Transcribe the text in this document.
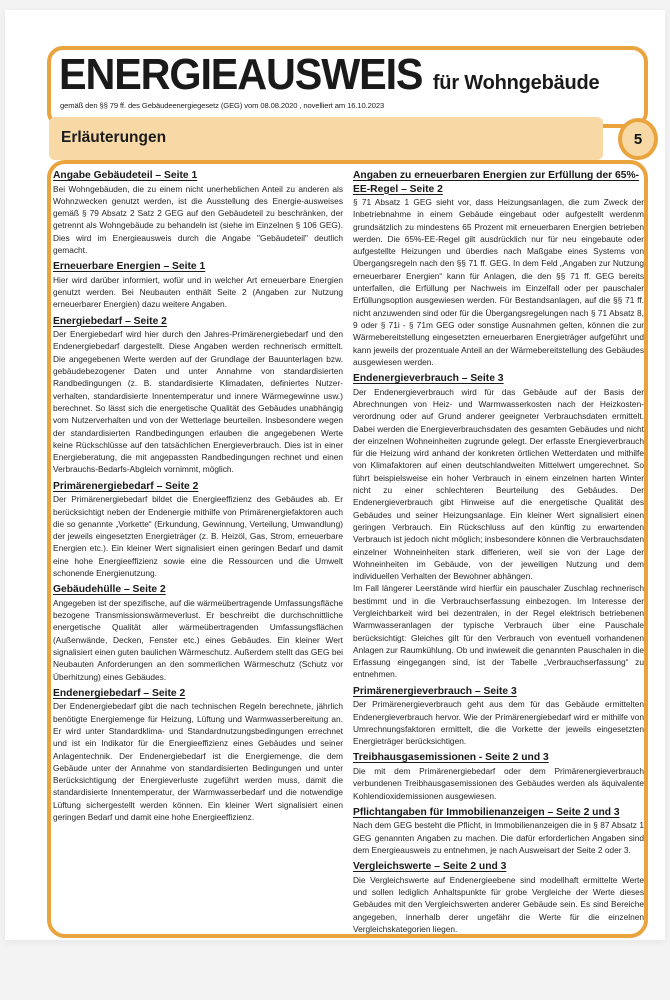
ENERGIEAUSWEIS für Wohngebäude
gemäß den §§ 79 ff. des Gebäudeenergiegesetz (GEG) vom 08.08.2020 , novelliert am 16.10.2023
Erläuterungen	5
Angabe Gebäudeteil – Seite 1

Bei Wohngebäuden, die zu einem nicht unerheblichen Anteil zu anderen als Wohnzwecken genutzt werden, ist die Ausstellung des Energie-ausweises gemäß § 79 Absatz 2 Satz 2 GEG auf den Gebäudeteil zu beschränken, der getrennt als Wohngebäude zu behandeln ist (siehe im Einzelnen § 106 GEG). Dies wird im Energieausweis durch die Angabe "Gebäudeteil" deutlich gemacht.

Erneuerbare Energien – Seite 1

Hier wird darüber informiert, wofür und in welcher Art erneuerbare Energien genutzt werden. Bei Neubauten enthält Seite 2 (Angaben zur Nutzung erneuerbarer Energien) dazu weitere Angaben.

Energiebedarf – Seite 2

Der Energiebedarf wird hier durch den Jahres-Primärenergiebedarf und den Endenergiebedarf dargestellt. Diese Angaben werden rechnerisch ermittelt. Die angegebenen Werte werden auf der Grundlage der Bauunterlagen bzw. gebäudebezogener Daten und unter Annahme von standardisierten Randbedingungen (z. B. standardisierte Klimadaten, definiertes Nutzer-verhalten, standardisierte Innentemperatur und innere Wärmegewinne usw.) berechnet. So lässt sich die energetische Qualität des Gebäudes unabhängig vom Nutzerverhalten und von der Wetterlage beurteilen. Insbesondere wegen der standardisierten Randbedingungen erlauben die angegebenen Werte keine Rückschlüsse auf den tatsächlichen Energieverbrauch. Dies ist in einer Energieberatung, die mit angepassten Randbedingungen rechnet und einen Verbrauchs-Bedarfs-Abgleich vornimmt, möglich.

Primärenergiebedarf – Seite 2

Der Primärenergiebedarf bildet die Energieeffizienz des Gebäudes ab. Er berücksichtigt neben der Endenergie mithilfe von Primärenergiefaktoren auch die so genannte „Vorkette“ (Erkundung, Gewinnung, Verteilung, Umwandlung) der jeweils eingesetzten Energieträger (z. B. Heizöl, Gas, Strom, erneuerbare Energien etc.). Ein kleiner Wert signalisiert einen geringen Bedarf und damit eine hohe Energieeffizienz sowie eine die Ressourcen und die Umwelt schonende Energienutzung.

Gebäudehülle – Seite 2

Angegeben ist der spezifische, auf die wärmeübertragende Umfassungsfläche bezogene Transmissionswärmeverlust. Er beschreibt die durchschnittliche energetische Qualität aller wärmeübertragenden Umfassungsflächen (Außenwände, Decken, Fenster etc.) eines Gebäudes. Ein kleiner Wert signalisiert einen guten baulichen Wärmeschutz. Außerdem stellt das GEG bei Neubauten Anforderungen an den sommerlichen Wärmeschutz (Schutz vor Überhitzung) eines Gebäudes.

Endenergiebedarf – Seite 2

Der Endenergiebedarf gibt die nach technischen Regeln berechnete, jährlich benötigte Energiemenge für Heizung, Lüftung und Warmwasserbereitung an. Er wird unter Standardklima- und Standardnutzungsbedingungen errechnet und ist ein Indikator für die Energieeffizienz eines Gebäudes und seiner Anlagentechnik. Der Endenergiebedarf ist die Energiemenge, die dem Gebäude unter der Annahme von standardisierten Bedingungen und unter Berücksichtigung der Energieverluste zugeführt werden muss, damit die standardisierte Innentemperatur, der Warmwasserbedarf und die notwendige Lüftung sichergestellt werden können. Ein kleiner Wert signalisiert einen geringen Bedarf und damit eine hohe Energieeffizienz.

Angaben zu erneuerbaren Energien zur Erfüllung der 65%-EE-Regel – Seite 2

§ 71 Absatz 1 GEG sieht vor, dass Heizungsanlagen, die zum Zweck der Inbetriebnahme in einem Gebäude eingebaut oder aufgestellt werdenm grundsätzlich zu mindestens 65 Prozent mit erneuerbaren Energien betrieben werden. Die 65%-EE-Regel gilt ausdrücklich nur für neu eingebaute oder aufgestellte Heizungen und überdies nach Maßgabe eines Systems von Übergangsregeln nach den §§ 71 ff. GEG. In dem Feld „Angaben zur Nutzung erneuerbarer Energien“ kann für Anlagen, die den §§ 71 ff. GEG bereits unterfallen, die Erfüllung per Nachweis im Einzelfall oder per pauschaler Erfüllungsoption ausgewiesen werden. Für Bestandsanlagen, auf die §§ 71 ff. nicht anzuwenden sind oder für die Übergangsregelungen nach § 71 Absatz 8, 9 oder § 71i - § 71m GEG oder sonstige Ausnahmen gelten, können die zur Wärmebereitstellung eingesetzten erneuerbaren Energieträger aufgeführt und kann jeweils der prozentuale Anteil an der Wärmebereitstellung des Gebäudes ausgewiesen werden.

Endenergieverbrauch – Seite 3

Der Endenergieverbrauch wird für das Gebäude auf der Basis der Abrechnungen von Heiz- und Warmwasserkosten nach der Heizkosten-verordnung oder auf Grund anderer geeigneter Verbrauchsdaten ermittelt. Dabei werden die Energieverbrauchsdaten des gesamten Gebäudes und nicht der einzelnen Wohneinheiten zugrunde gelegt. Der erfasste Energieverbrauch für die Heizung wird anhand der konkreten örtlichen Wetterdaten und mithilfe von Klimafaktoren auf einen deutschlandweiten Mittelwert umgerechnet. So führt beispielsweise ein hoher Verbrauch in einem einzelnen harten Winter nicht zu einer schlechteren Beurteilung des Gebäudes. Der Endenergieverbrauch gibt Hinweise auf die energetische Qualität des Gebäudes und seiner Heizungsanlage. Ein kleiner Wert signalisiert einen geringen Verbrauch. Ein Rückschluss auf den künftig zu erwartenden Verbrauch ist jedoch nicht möglich; insbesondere können die Verbrauchsdaten einzelner Wohneinheiten stark differieren, weil sie von der Lage der Wohneinheiten im Gebäude, von der jeweiligen Nutzung und dem individuellen Verhalten der Bewohner abhängen.

Im Fall längerer Leerstände wird hierfür ein pauschaler Zuschlag rechnerisch bestimmt und in die Verbrauchserfassung einbezogen. Im Interesse der Vergleichbarkeit wird bei dezentralen, in der Regel elektrisch betriebenen Warmwasseranlagen der typische Verbrauch über eine Pauschale berücksichtigt: Gleiches gilt für den Verbrauch von eventuell vorhandenen Anlagen zur Raumkühlung. Ob und inwieweit die genannten Pauschalen in die Erfassung eingegangen sind, ist der Tabelle „Verbrauchserfassung“ zu entnehmen.

Primärenergieverbrauch – Seite 3

Der Primärenergieverbrauch geht aus dem für das Gebäude ermittelten Endenergieverbrauch hervor. Wie der Primärenergiebedarf wird er mithilfe von Umrechnungsfaktoren ermittelt, die die Vorkette der jeweils eingesetzten Energieträger berücksichtigen.

Treibhausgasemissionen - Seite 2 und 3

Die mit dem Primärenergiebedarf oder dem Primärenergieverbrauch verbundenen Treibhausgasemissionen des Gebäudes werden als äquivalente Kohlendioxidemissionen ausgewiesen.

Pflichtangaben für Immobilienanzeigen – Seite 2 und 3

Nach dem GEG besteht die Pflicht, in Immobilienanzeigen die in § 87 Absatz 1 GEG genannten Angaben zu machen. Die dafür erforderlichen Angaben sind dem Energieausweis zu entnehmen, je nach Ausweisart der Seite 2 oder 3.

Vergleichswerte – Seite 2 und 3

Die Vergleichswerte auf Endenergieebene sind modellhaft ermittelte Werte und sollen lediglich Anhaltspunkte für grobe Vergleiche der Werte dieses Gebäudes mit den Vergleichswerten anderer Gebäude sein. Es sind Bereiche angegeben, innerhalb derer ungefähr die Werte für die einzelnen Vergleichskategorien liegen.
